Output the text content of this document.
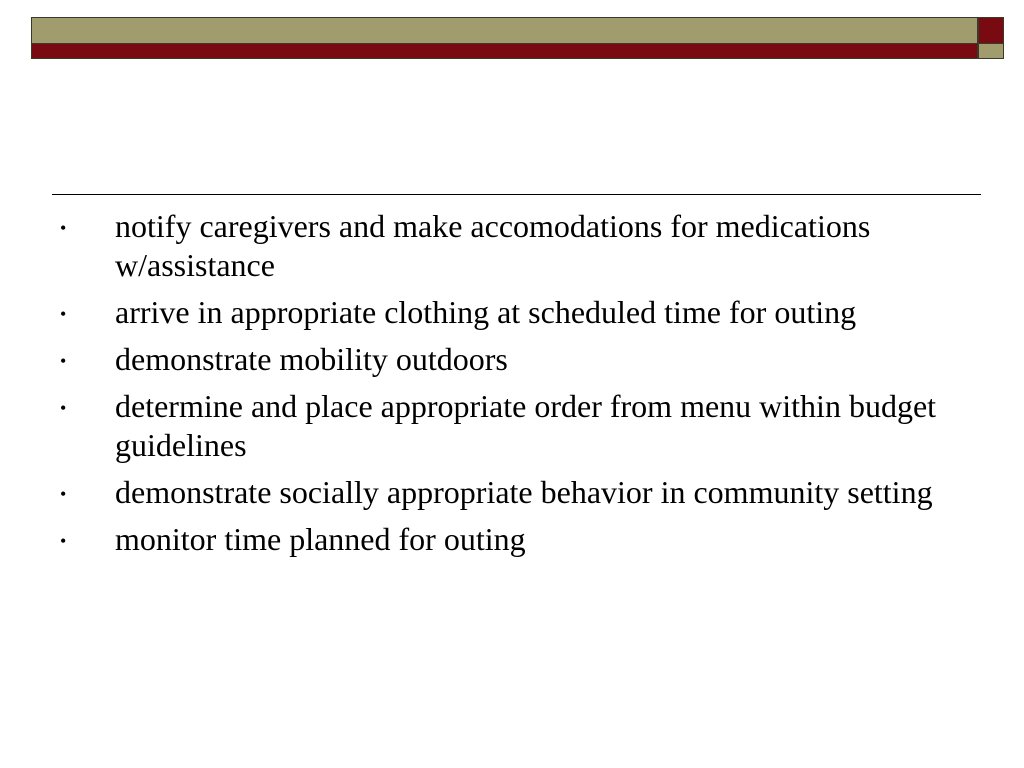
• notify caregivers and make accomodations for medications w/assistance
• arrive in appropriate clothing at scheduled time for outing
• demonstrate mobility outdoors
• determine and place appropriate order from menu within budget guidelines
• demonstrate socially appropriate behavior in community setting
• monitor time planned for outing
